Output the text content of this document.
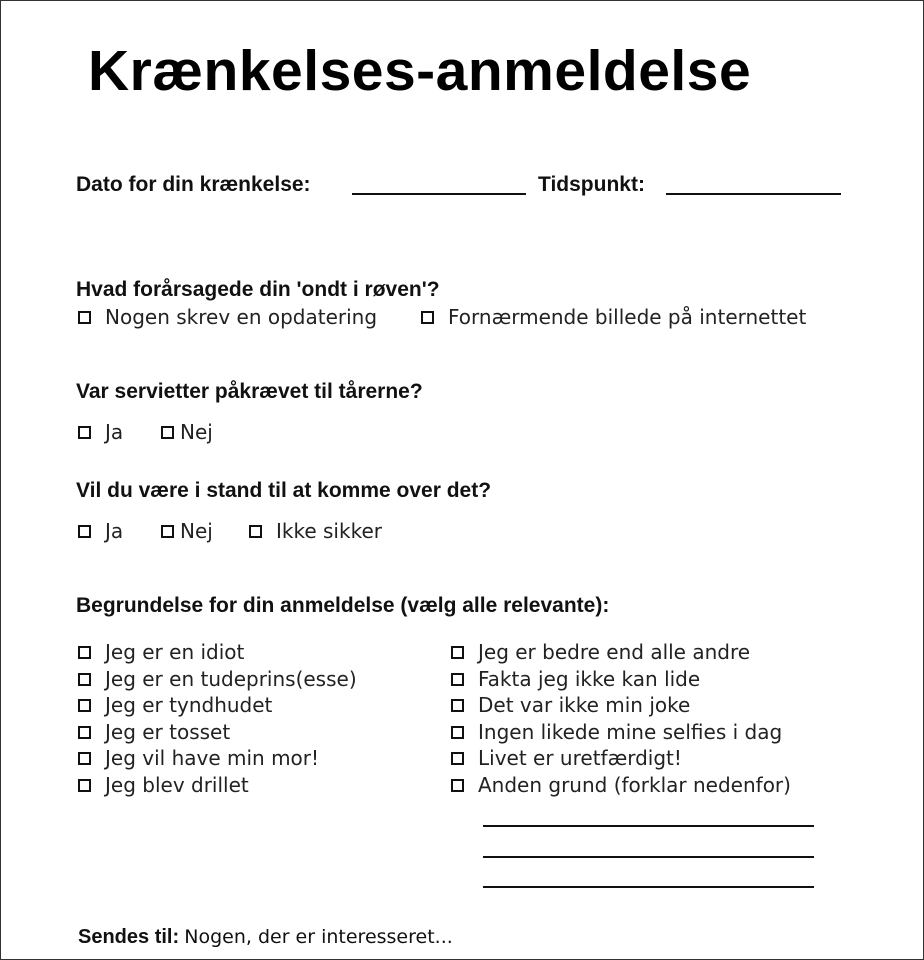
Krænkelses-anmeldelse
Dato for din krænkelse:	Tidspunkt:
Hvad forårsagede din 'ondt i røven'?
Nogen skrev en opdatering	Fornærmende billede på internettet
Var servietter påkrævet til tårerne?
Ja	Nej
Vil du være i stand til at komme over det?
Ja	Nej	Ikke sikker
Begrundelse for din anmeldelse (vælg alle relevante):
Jeg er en idiot
Jeg er en tudeprins(esse)
Jeg er tyndhudet
Jeg er tosset
Jeg vil have min mor!
Jeg blev drillet
Jeg er bedre end alle andre
Fakta jeg ikke kan lide
Det var ikke min joke
Ingen likede mine selfies i dag
Livet er uretfærdigt!
Anden grund (forklar nedenfor)
Sendes til: Nogen, der er interesseret...
